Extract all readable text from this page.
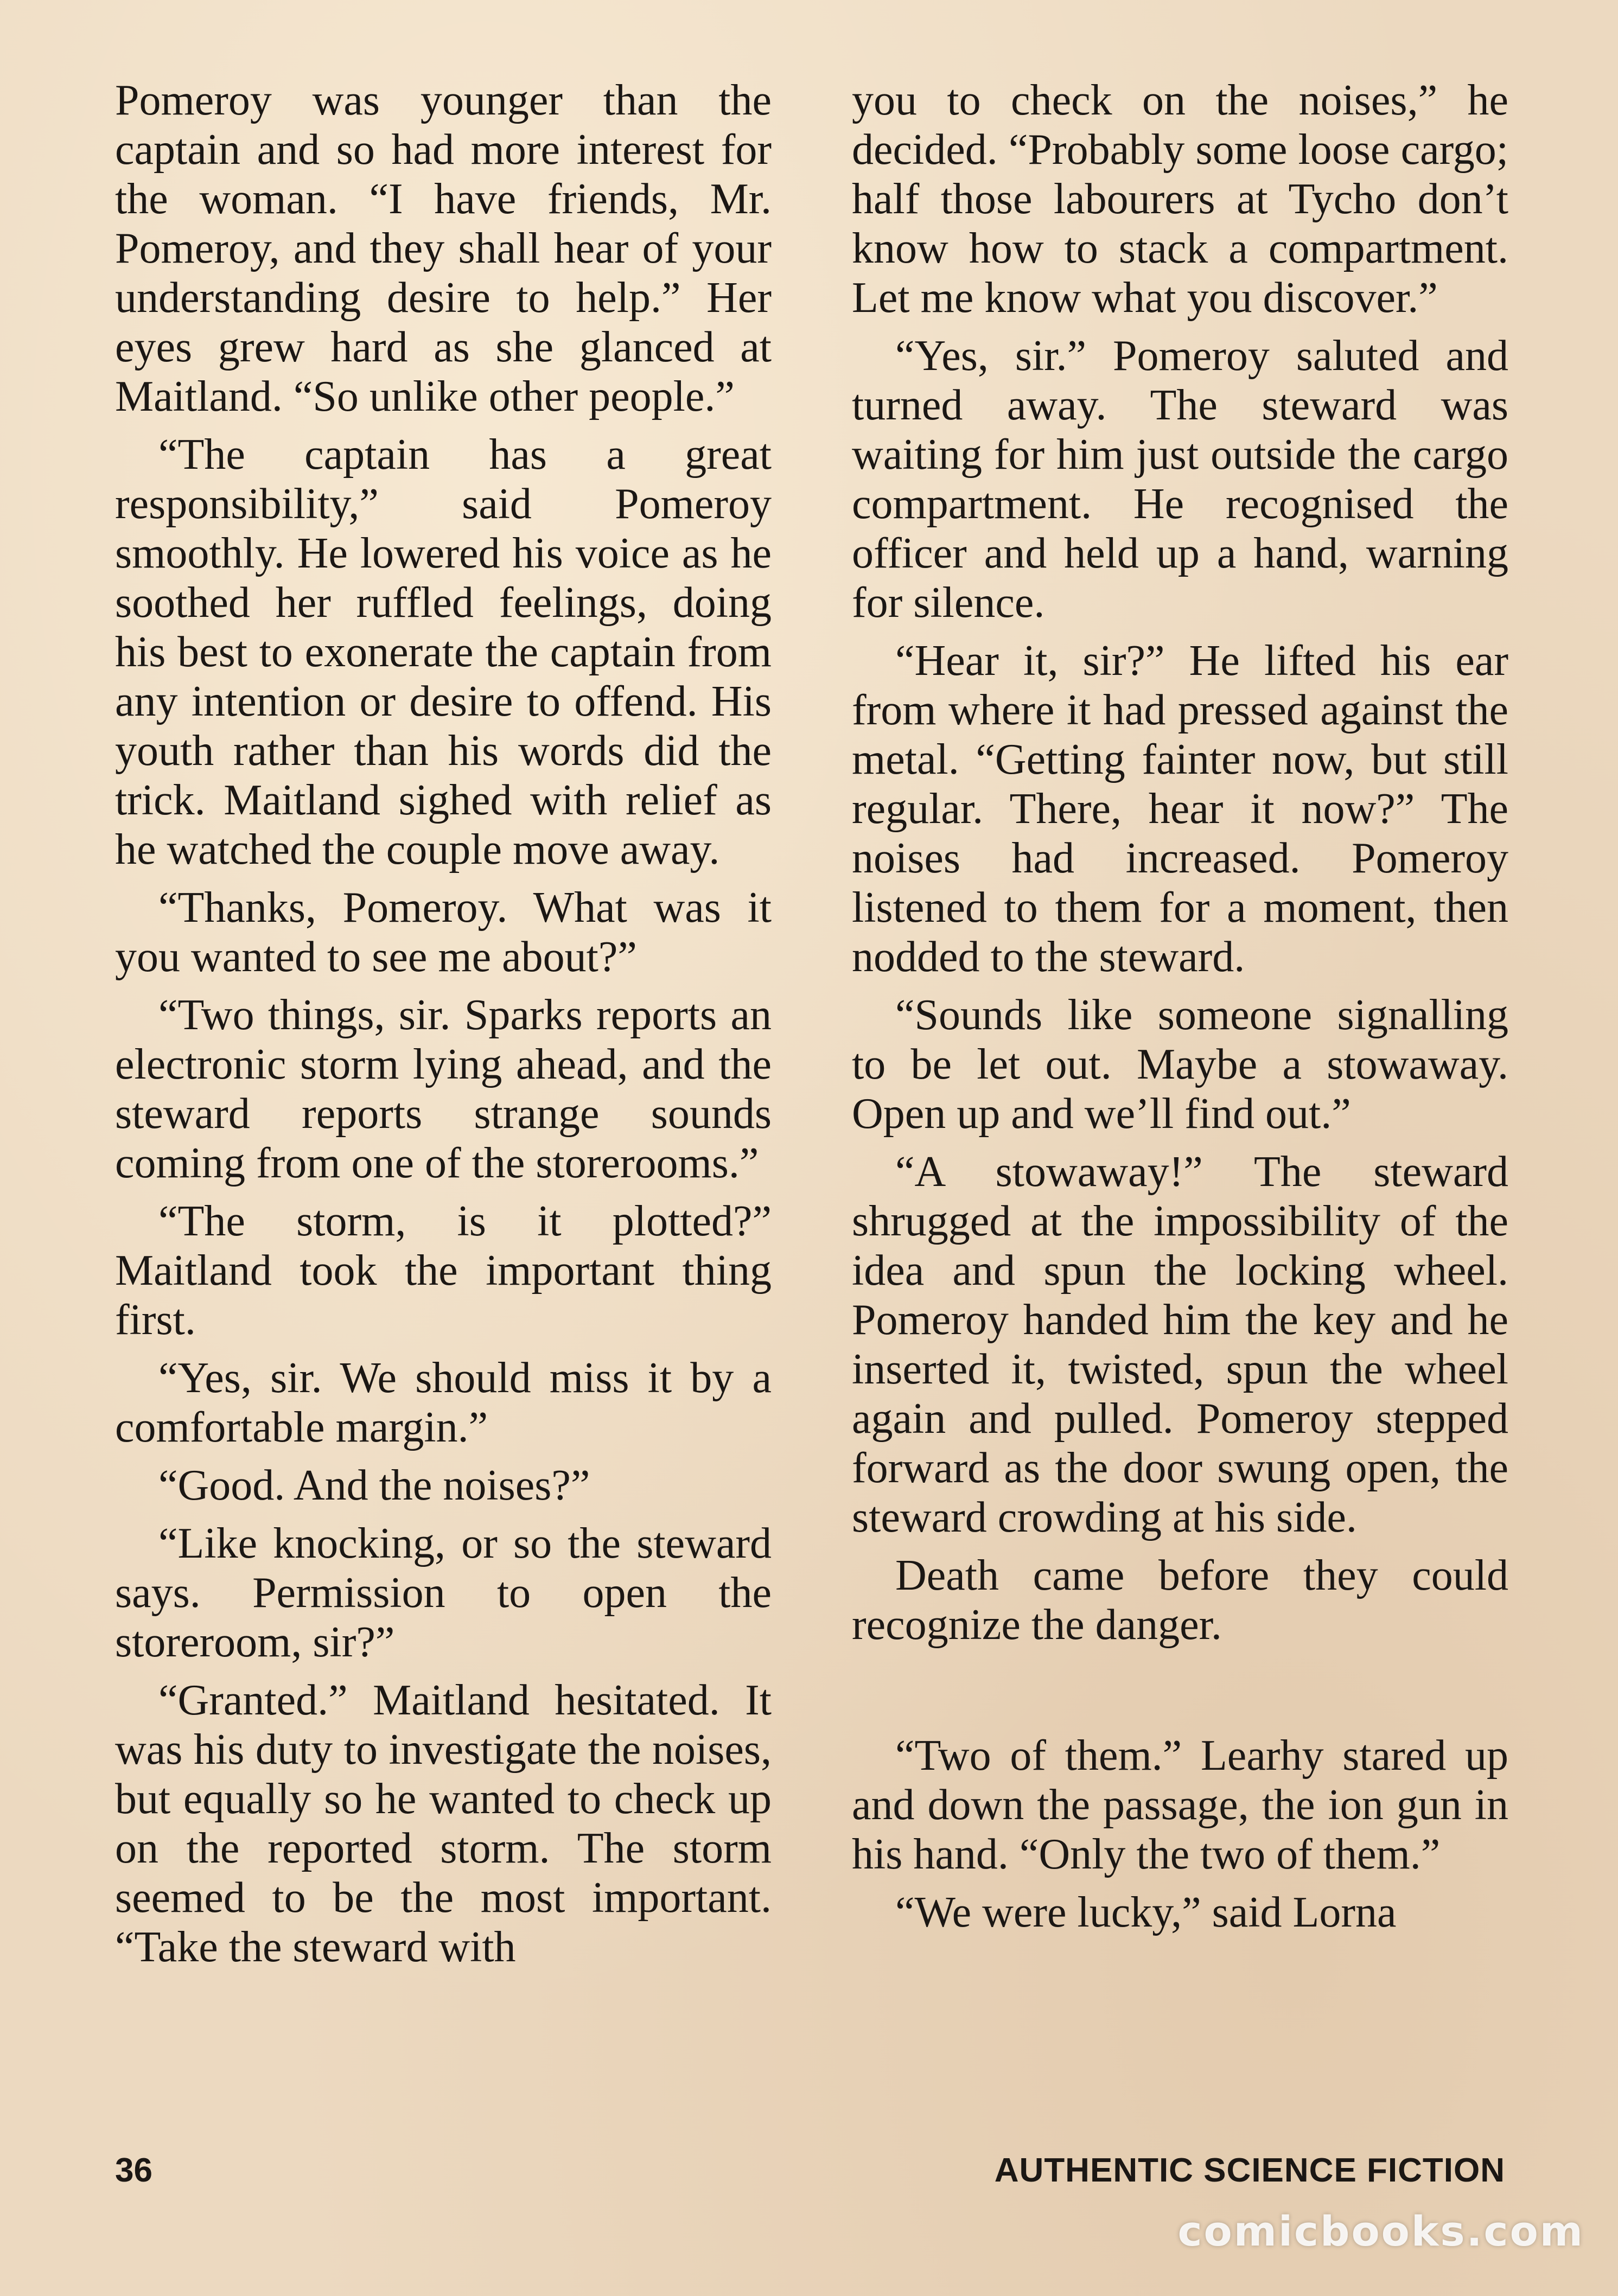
Pomeroy was younger than the captain and so had more interest for the woman. “I have friends, Mr. Pomeroy, and they shall hear of your understanding desire to help.” Her eyes grew hard as she glanced at Maitland. “So unlike other people.”

“The captain has a great responsibility,” said Pomeroy smoothly. He lowered his voice as he soothed her ruffled feelings, doing his best to exonerate the captain from any intention or desire to offend. His youth rather than his words did the trick. Maitland sighed with relief as he watched the couple move away.

“Thanks, Pomeroy. What was it you wanted to see me about?”

“Two things, sir. Sparks reports an electronic storm lying ahead, and the steward reports strange sounds coming from one of the storerooms.”

“The storm, is it plotted?” Maitland took the important thing first.

“Yes, sir. We should miss it by a comfortable margin.”

“Good. And the noises?”

“Like knocking, or so the steward says. Permission to open the storeroom, sir?”

“Granted.” Maitland hesitated. It was his duty to investigate the noises, but equally so he wanted to check up on the reported storm. The storm seemed to be the most important. “Take the steward with

you to check on the noises,” he decided. “Probably some loose cargo; half those labourers at Tycho don’t know how to stack a compartment. Let me know what you discover.”

“Yes, sir.” Pomeroy saluted and turned away. The steward was waiting for him just outside the cargo compartment. He recognised the officer and held up a hand, warning for silence.

“Hear it, sir?” He lifted his ear from where it had pressed against the metal. “Getting fainter now, but still regular. There, hear it now?” The noises had increased. Pomeroy listened to them for a moment, then nodded to the steward.

“Sounds like someone signalling to be let out. Maybe a stowaway. Open up and we’ll find out.”

“A stowaway!” The steward shrugged at the impossibility of the idea and spun the locking wheel. Pomeroy handed him the key and he inserted it, twisted, spun the wheel again and pulled. Pomeroy stepped forward as the door swung open, the steward crowding at his side.

Death came before they could recognize the danger.

“Two of them.” Learhy stared up and down the passage, the ion gun in his hand. “Only the two of them.”

“We were lucky,” said Lorna

36	AUTHENTIC SCIENCE FICTION
comicbooks.com
